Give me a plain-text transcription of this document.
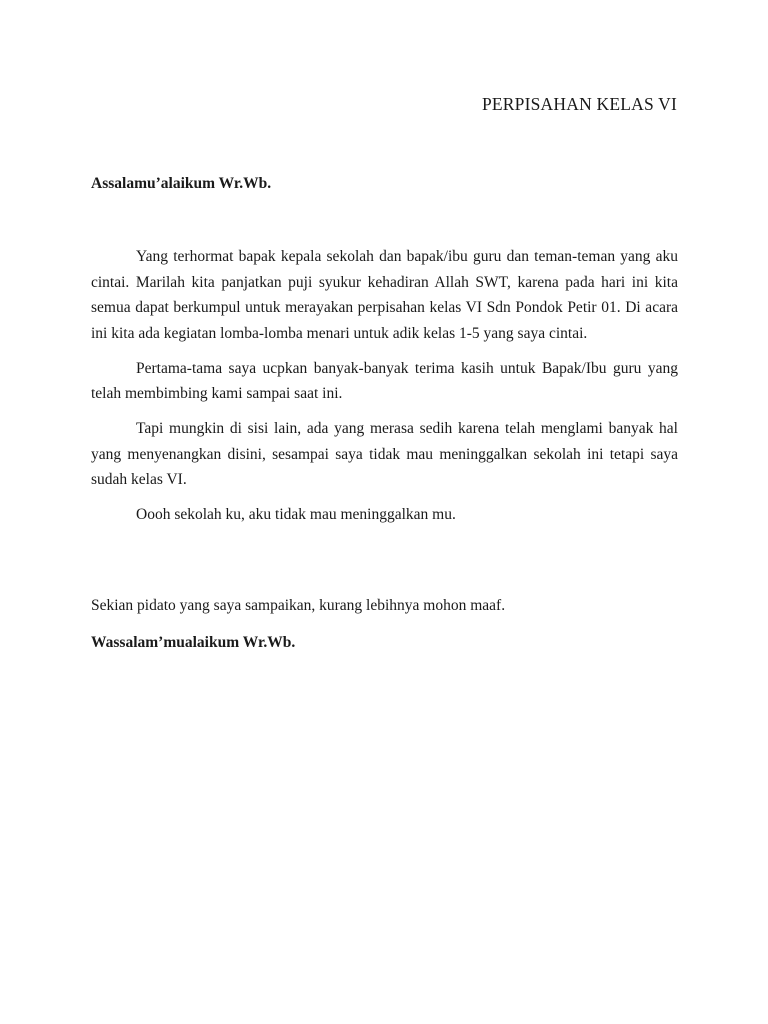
PERPISAHAN KELAS VI
Assalamu’alaikum Wr.Wb.

Yang terhormat bapak kepala sekolah dan bapak/ibu guru dan teman-teman yang aku cintai. Marilah kita panjatkan puji syukur kehadiran Allah SWT, karena pada hari ini kita semua dapat berkumpul untuk merayakan perpisahan kelas VI Sdn Pondok Petir 01. Di acara ini kita ada kegiatan lomba-lomba menari untuk adik kelas 1-5 yang saya cintai.

Pertama-tama saya ucpkan banyak-banyak terima kasih untuk Bapak/Ibu guru yang telah membimbing kami sampai saat ini.

Tapi mungkin di sisi lain, ada yang merasa sedih karena telah menglami banyak hal yang menyenangkan disini, sesampai saya tidak mau meninggalkan sekolah ini tetapi saya sudah kelas VI.

Oooh sekolah ku, aku tidak mau meninggalkan mu.

Sekian pidato yang saya sampaikan, kurang lebihnya mohon maaf.
Wassalam’mualaikum Wr.Wb.
